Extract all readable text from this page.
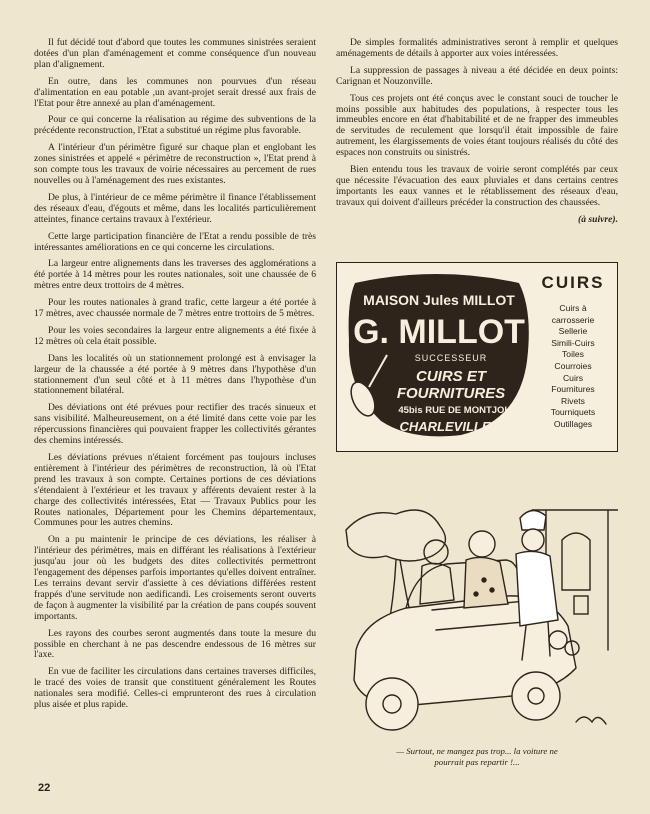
Il fut décidé tout d'abord que toutes les communes sinistrées seraient dotées d'un plan d'aménagement et comme conséquence d'un nouveau plan d'alignement.

En outre, dans les communes non pourvues d'un réseau d'alimentation en eau potable ,un avant-projet serait dressé aux frais de l'Etat pour être annexé au plan d'aménagement.

Pour ce qui concerne la réalisation au régime des subventions de la précédente reconstruction, l'Etat a substitué un régime plus favorable.

A l'intérieur d'un périmètre figuré sur chaque plan et englobant les zones sinistrées et appelé « périmètre de reconstruction », l'Etat prend à son compte tous les travaux de voirie nécessaires au percement de rues nouvelles ou à l'aménagement des rues existantes.

De plus, à l'intérieur de ce même périmètre il finance l'établissement des réseaux d'eau, d'égouts et même, dans les localités particulièrement atteintes, finance certains travaux à l'extérieur.

Cette large participation financière de l'Etat a rendu possible de très intéressantes améliorations en ce qui concerne les circulations.

La largeur entre alignements dans les traverses des agglomérations a été portée à 14 mètres pour les routes nationales, soit une chaussée de 6 mètres entre deux trottoirs de 4 mètres.

Pour les routes nationales à grand trafic, cette largeur a été portée à 17 mètres, avec chaussée normale de 7 mètres entre trottoirs de 5 mètres.

Pour les voies secondaires la largeur entre alignements a été fixée à 12 mètres où cela était possible.

Dans les localités où un stationnement prolongé est à envisager la largeur de la chaussée a été portée à 9 mètres dans l'hypothèse d'un stationnement d'un seul côté et à 11 mètres dans l'hypothèse d'un stationnement bilatéral.

Des déviations ont été prévues pour rectifier des tracés sinueux et sans visibilité. Malheureusement, on a été limité dans cette voie par les répercussions financières qui pouvaient frapper les collectivités gérantes des chemins intéressés.

Les déviations prévues n'étaient forcément pas toujours incluses entièrement à l'intérieur des périmètres de reconstruction, là où l'Etat prend les travaux à son compte. Certaines portions de ces déviations s'étendaient à l'extérieur et les travaux y afférents devaient rester à la charge des collectivités intéressées, Etat — Travaux Publics pour les Routes nationales, Département pour les Chemins départementaux, Communes pour les autres chemins.

On a pu maintenir le principe de ces déviations, les réaliser à l'intérieur des périmètres, mais en différant les réalisations à l'extérieur jusqu'au jour où les budgets des dites collectivités permettront l'engagement des dépenses parfois importantes qu'elles doivent entraîner. Les terrains devant servir d'assiette à ces déviations différées restent frappés d'une servitude non aedificandi. Les croisements seront ouverts de façon à augmenter la visibilité par la création de pans coupés souvent importants.

Les rayons des courbes seront augmentés dans toute la mesure du possible en cherchant à ne pas descendre endessous de 16 mètres sur l'axe.

En vue de faciliter les circulations dans certaines traverses difficiles, le tracé des voies de transit que constituent généralement les Routes nationales sera modifié. Celles-ci emprunteront des rues à circulation plus aisée et plus rapide.

De simples formalités administratives seront à remplir et quelques aménagements de détails à apporter aux voies intéressées.

La suppression de passages à niveau a été décidée en deux points: Carignan et Nouzonville.

Tous ces projets ont été conçus avec le constant souci de toucher le moins possible aux habitudes des populations, à respecter tous les immeubles encore en état d'habitabilité et de ne frapper des immeubles de servitudes de reculement que lorsqu'il était impossible de faire autrement, les élargissements de voies étant toujours réalisés du côté des espaces non construits ou sinistrés.

Bien entendu tous les travaux de voirie seront complétés par ceux que nécessite l'évacuation des eaux pluviales et dans certains centres importants les eaux vannes et le rétablissement des réseaux d'eau, travaux qui doivent d'ailleurs précéder la construction des chaussées.

(à suivre).

MAISON Jules MILLOT
G. MILLOT
SUCCESSEUR
CUIRS ET
FOURNITURES
45bis RUE DE MONTJOLY
CHARLEVILLE T. 20-29
CUIRS
Cuirs à
carrosserie
Sellerie
Simili-Cuirs
Toiles
Courroies
Cuirs
Fournitures
Rivets
Tourniquets
Outillages
— Surtout, ne mangez pas trop... la voiture ne
pourrait pas repartir !...
22
